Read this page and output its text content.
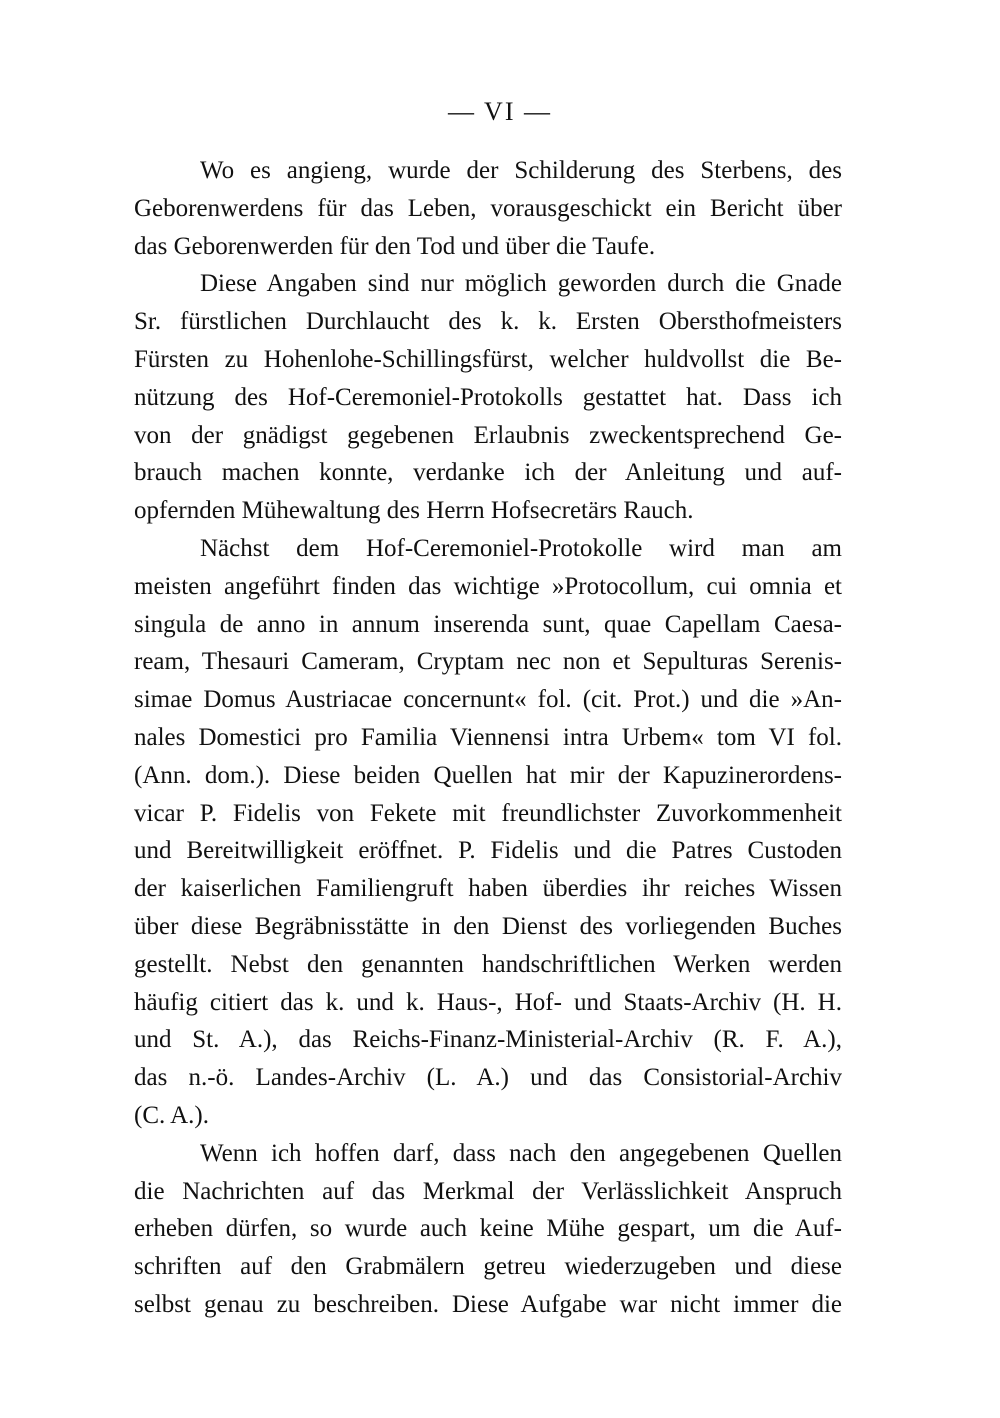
— VI —
Wo es angieng, wurde der Schilderung des Sterbens, des
Geborenwerdens für das Leben, vorausgeschickt ein Bericht über
das Geborenwerden für den Tod und über die Taufe.
Diese Angaben sind nur möglich geworden durch die Gnade
Sr. fürstlichen Durchlaucht des k. k. Ersten Obersthofmeisters
Fürsten zu Hohenlohe-Schillingsfürst, welcher huldvollst die Be-
nützung des Hof-Ceremoniel-Protokolls gestattet hat. Dass ich
von der gnädigst gegebenen Erlaubnis zweckentsprechend Ge-
brauch machen konnte, verdanke ich der Anleitung und auf-
opfernden Mühewaltung des Herrn Hofsecretärs Rauch.
Nächst dem Hof-Ceremoniel-Protokolle wird man am
meisten angeführt finden das wichtige »Protocollum, cui omnia et
singula de anno in annum inserenda sunt, quae Capellam Caesa-
ream, Thesauri Cameram, Cryptam nec non et Sepulturas Serenis-
simae Domus Austriacae concernunt« fol. (cit. Prot.) und die »An-
nales Domestici pro Familia Viennensi intra Urbem« tom VI fol.
(Ann. dom.). Diese beiden Quellen hat mir der Kapuzinerordens-
vicar P. Fidelis von Fekete mit freundlichster Zuvorkommenheit
und Bereitwilligkeit eröffnet. P. Fidelis und die Patres Custoden
der kaiserlichen Familiengruft haben überdies ihr reiches Wissen
über diese Begräbnisstätte in den Dienst des vorliegenden Buches
gestellt. Nebst den genannten handschriftlichen Werken werden
häufig citiert das k. und k. Haus-, Hof- und Staats-Archiv (H. H.
und St. A.), das Reichs-Finanz-Ministerial-Archiv (R. F. A.),
das n.-ö. Landes-Archiv (L. A.) und das Consistorial-Archiv
(C. A.).
Wenn ich hoffen darf, dass nach den angegebenen Quellen
die Nachrichten auf das Merkmal der Verlässlichkeit Anspruch
erheben dürfen, so wurde auch keine Mühe gespart, um die Auf-
schriften auf den Grabmälern getreu wiederzugeben und diese
selbst genau zu beschreiben. Diese Aufgabe war nicht immer die
